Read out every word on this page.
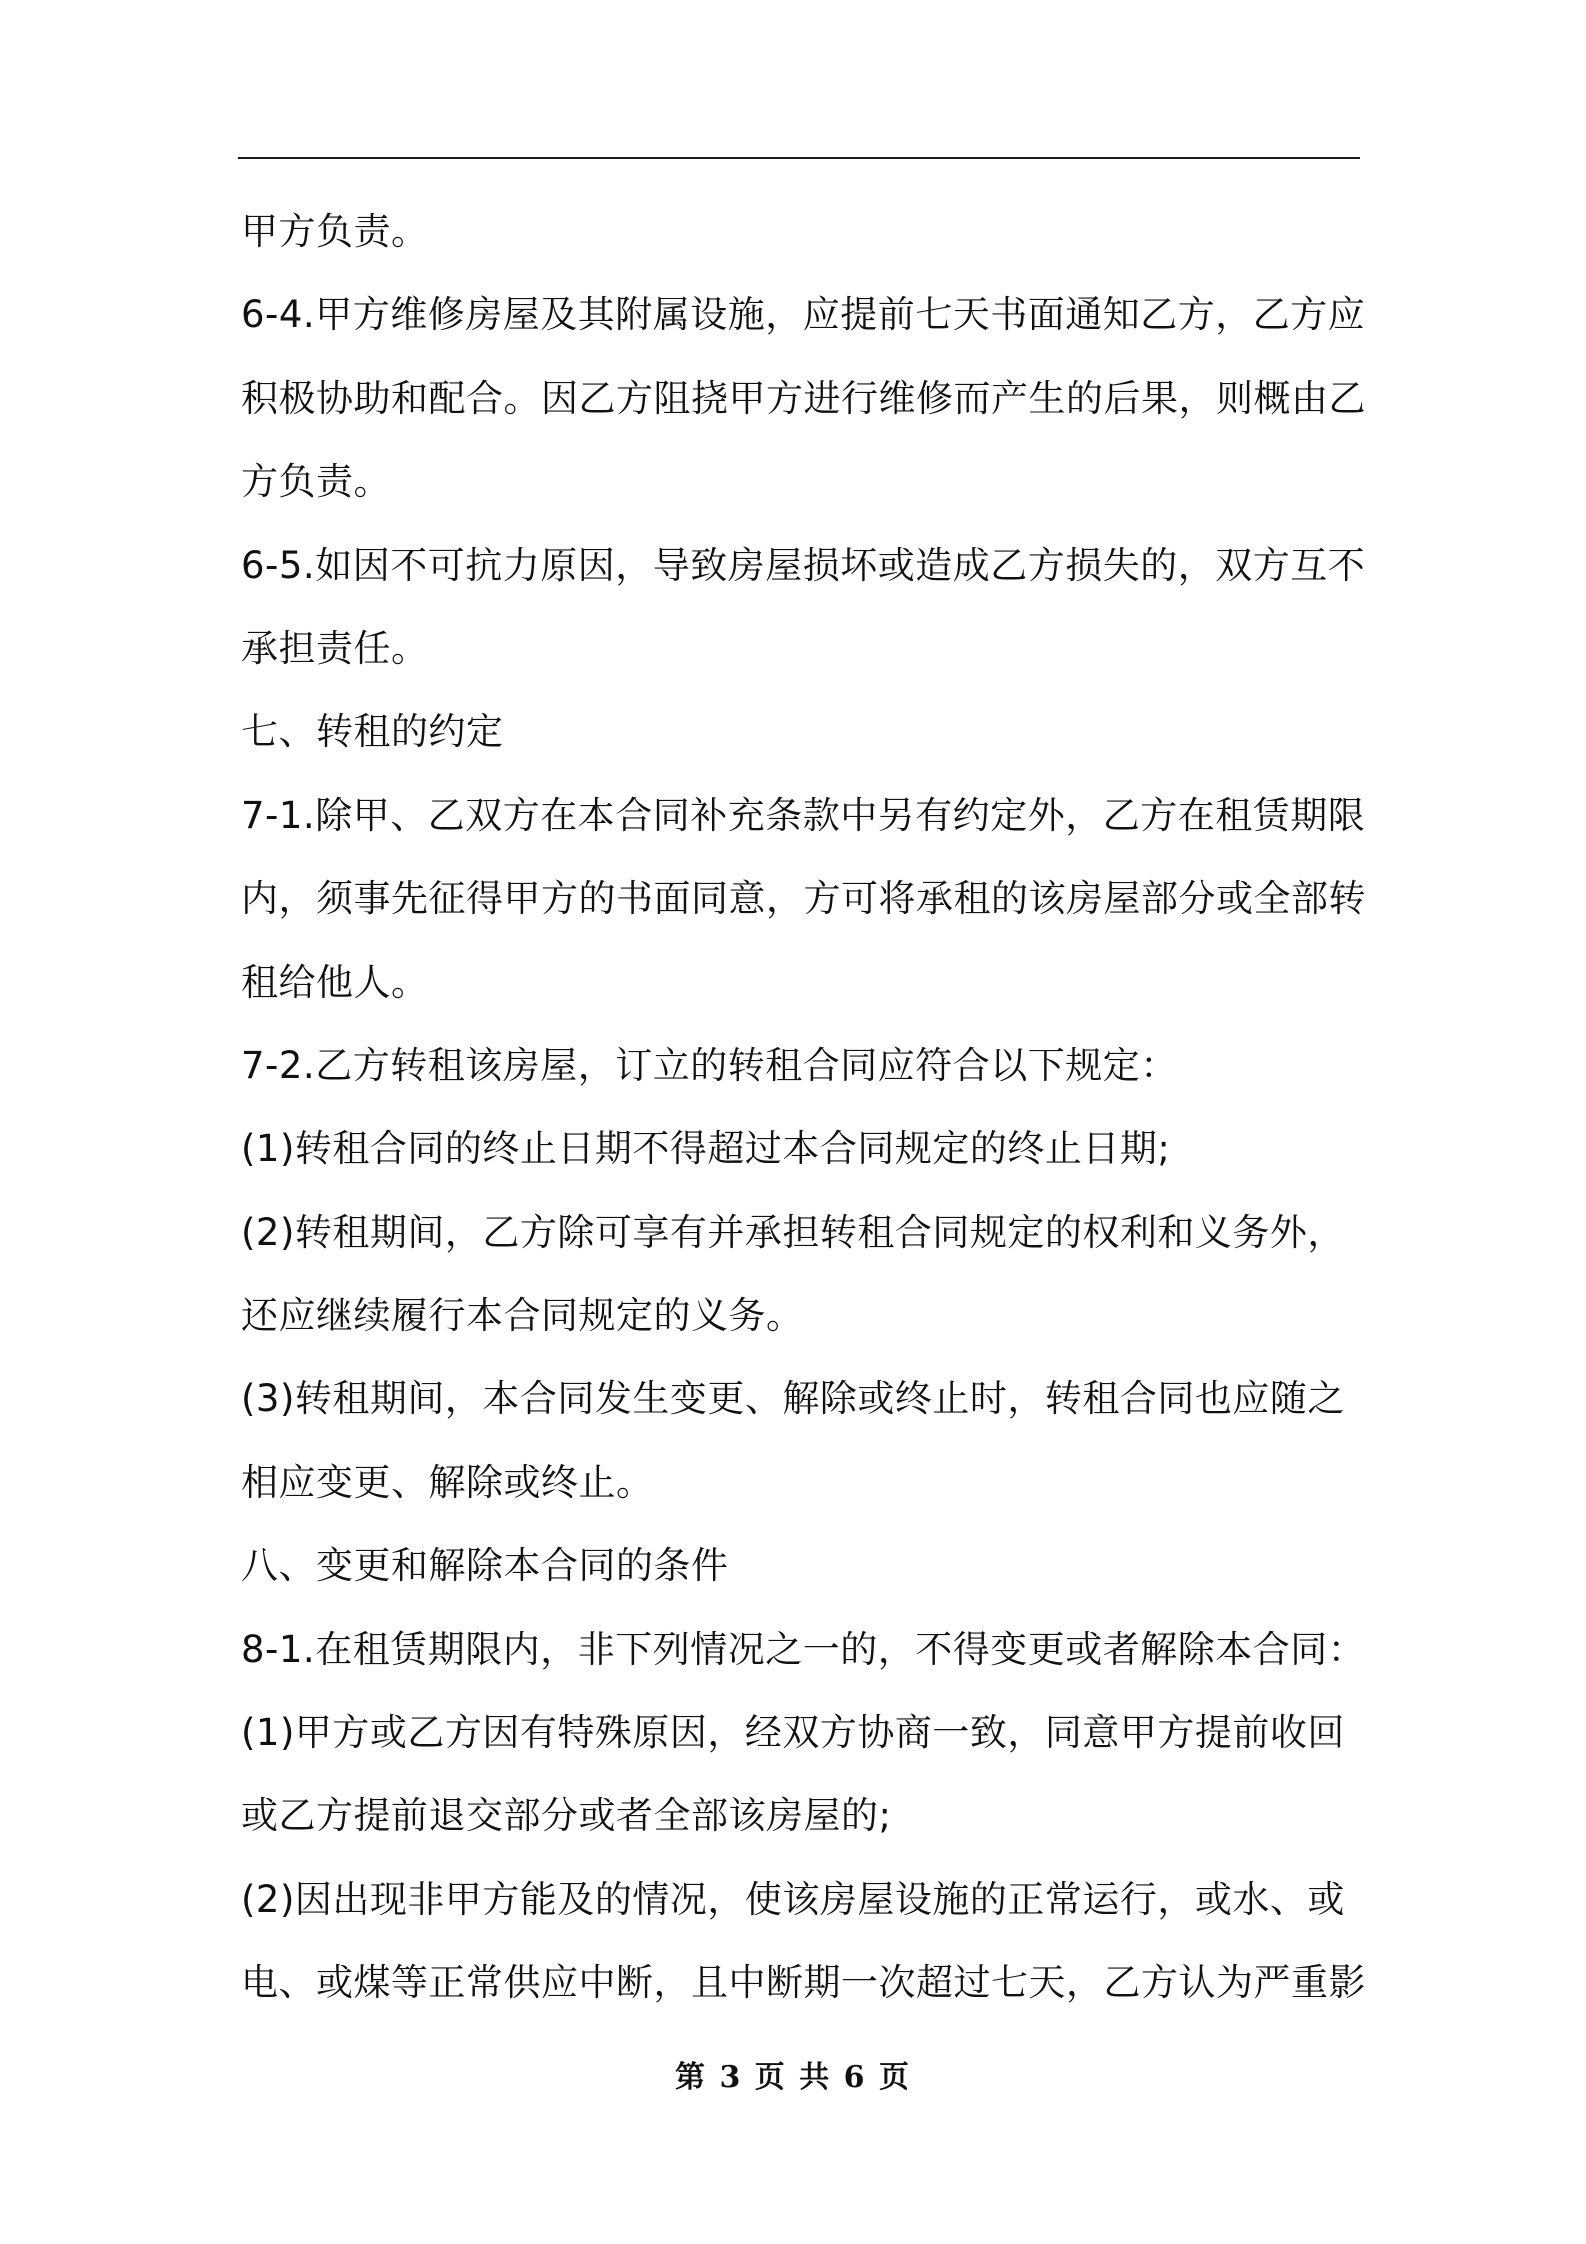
甲方负责。
6-4.甲方维修房屋及其附属设施，应提前七天书面通知乙方，乙方应
积极协助和配合。因乙方阻挠甲方进行维修而产生的后果，则概由乙
方负责。
6-5.如因不可抗力原因，导致房屋损坏或造成乙方损失的，双方互不
承担责任。
七、转租的约定
7-1.除甲、乙双方在本合同补充条款中另有约定外，乙方在租赁期限
内，须事先征得甲方的书面同意，方可将承租的该房屋部分或全部转
租给他人。
7-2.乙方转租该房屋，订立的转租合同应符合以下规定：
(1)转租合同的终止日期不得超过本合同规定的终止日期;
(2)转租期间，乙方除可享有并承担转租合同规定的权利和义务外，
还应继续履行本合同规定的义务。
(3)转租期间，本合同发生变更、解除或终止时，转租合同也应随之
相应变更、解除或终止。
八、变更和解除本合同的条件
8-1.在租赁期限内，非下列情况之一的，不得变更或者解除本合同：
(1)甲方或乙方因有特殊原因，经双方协商一致，同意甲方提前收回
或乙方提前退交部分或者全部该房屋的;
(2)因出现非甲方能及的情况，使该房屋设施的正常运行，或水、或
电、或煤等正常供应中断，且中断期一次超过七天，乙方认为严重影
第 3 页 共 6 页
